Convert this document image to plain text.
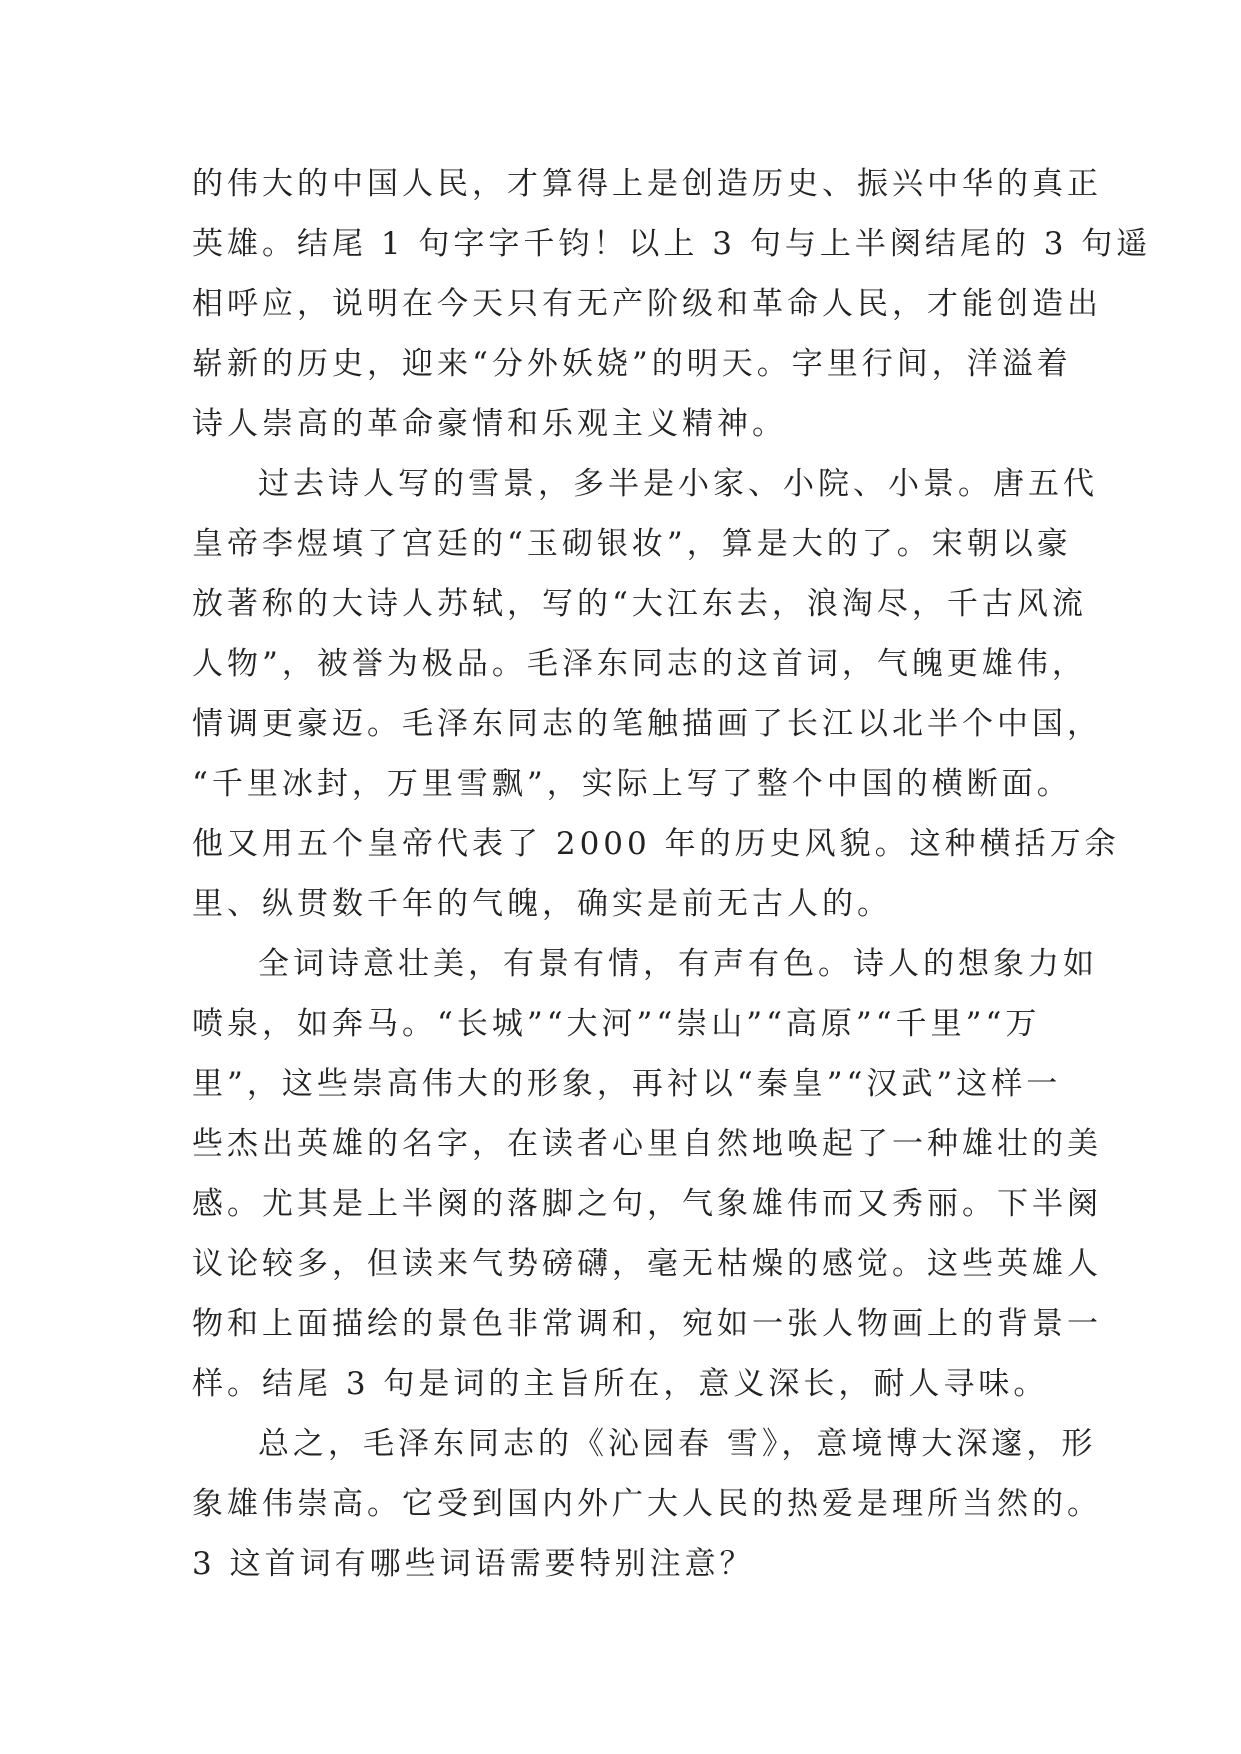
的伟大的中国人民，才算得上是创造历史、振兴中华的真正
英雄。结尾 1 句字字千钧！以上 3 句与上半阕结尾的 3 句遥
相呼应，说明在今天只有无产阶级和革命人民，才能创造出
崭新的历史，迎来“分外妖娆”的明天。字里行间，洋溢着
诗人崇高的革命豪情和乐观主义精神。
过去诗人写的雪景，多半是小家、小院、小景。唐五代
皇帝李煜填了宫廷的“玉砌银妆”，算是大的了。宋朝以豪
放著称的大诗人苏轼，写的“大江东去，浪淘尽，千古风流
人物”，被誉为极品。毛泽东同志的这首词，气魄更雄伟，
情调更豪迈。毛泽东同志的笔触描画了长江以北半个中国，
“千里冰封，万里雪飘”，实际上写了整个中国的横断面。
他又用五个皇帝代表了 2000 年的历史风貌。这种横括万余
里、纵贯数千年的气魄，确实是前无古人的。
全词诗意壮美，有景有情，有声有色。诗人的想象力如
喷泉，如奔马。“长城”“大河”“崇山”“高原”“千里”“万
里”，这些崇高伟大的形象，再衬以“秦皇”“汉武”这样一
些杰出英雄的名字，在读者心里自然地唤起了一种雄壮的美
感。尤其是上半阕的落脚之句，气象雄伟而又秀丽。下半阕
议论较多，但读来气势磅礴，毫无枯燥的感觉。这些英雄人
物和上面描绘的景色非常调和，宛如一张人物画上的背景一
样。结尾 3 句是词的主旨所在，意义深长，耐人寻味。
总之，毛泽东同志的《沁园春 雪》，意境博大深邃，形
象雄伟崇高。它受到国内外广大人民的热爱是理所当然的。
3 这首词有哪些词语需要特别注意？
